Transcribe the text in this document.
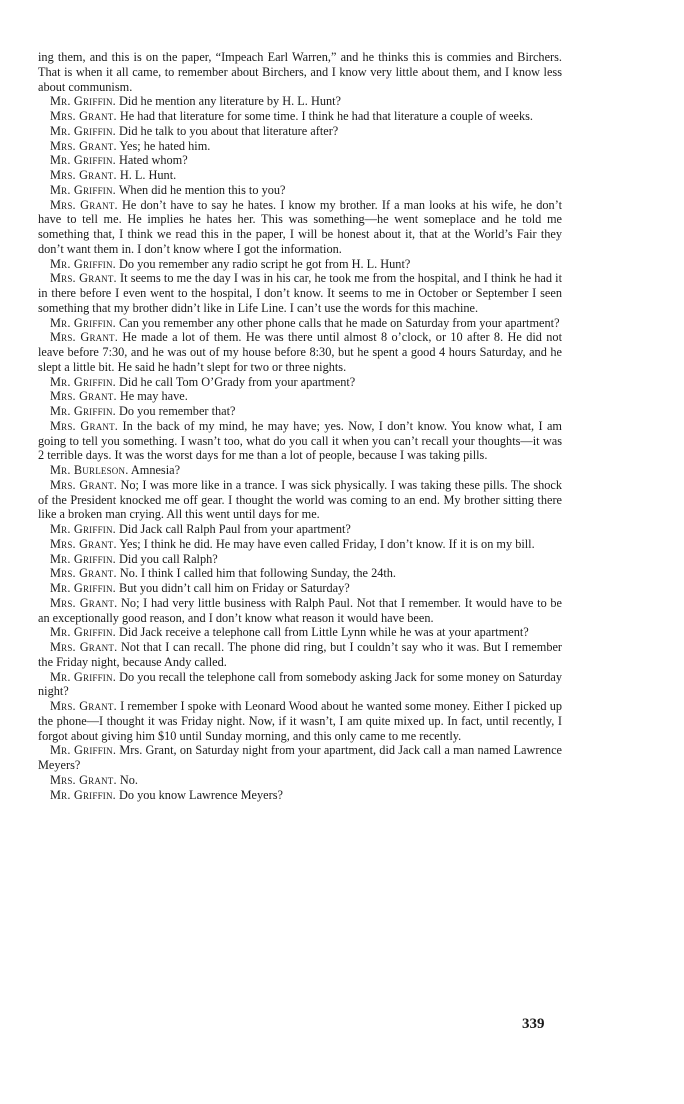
ing them, and this is on the paper, “Impeach Earl Warren,” and he thinks this is commies and Birchers. That is when it all came, to remember about Birchers, and I know very little about them, and I know less about communism.

Mr. Griffin. Did he mention any literature by H. L. Hunt?

Mrs. Grant. He had that literature for some time. I think he had that literature a couple of weeks.

Mr. Griffin. Did he talk to you about that literature after?

Mrs. Grant. Yes; he hated him.

Mr. Griffin. Hated whom?

Mrs. Grant. H. L. Hunt.

Mr. Griffin. When did he mention this to you?

Mrs. Grant. He don’t have to say he hates. I know my brother. If a man looks at his wife, he don’t have to tell me. He implies he hates her. This was something—he went someplace and he told me something that, I think we read this in the paper, I will be honest about it, that at the World’s Fair they don’t want them in. I don’t know where I got the information.

Mr. Griffin. Do you remember any radio script he got from H. L. Hunt?

Mrs. Grant. It seems to me the day I was in his car, he took me from the hospital, and I think he had it in there before I even went to the hospital, I don’t know. It seems to me in October or September I seen something that my brother didn’t like in Life Line. I can’t use the words for this machine.

Mr. Griffin. Can you remember any other phone calls that he made on Saturday from your apartment?

Mrs. Grant. He made a lot of them. He was there until almost 8 o’clock, or 10 after 8. He did not leave before 7:30, and he was out of my house before 8:30, but he spent a good 4 hours Saturday, and he slept a little bit. He said he hadn’t slept for two or three nights.

Mr. Griffin. Did he call Tom O’Grady from your apartment?

Mrs. Grant. He may have.

Mr. Griffin. Do you remember that?

Mrs. Grant. In the back of my mind, he may have; yes. Now, I don’t know. You know what, I am going to tell you something. I wasn’t too, what do you call it when you can’t recall your thoughts—it was 2 terrible days. It was the worst days for me than a lot of people, because I was taking pills.

Mr. Burleson. Amnesia?

Mrs. Grant. No; I was more like in a trance. I was sick physically. I was taking these pills. The shock of the President knocked me off gear. I thought the world was coming to an end. My brother sitting there like a broken man crying. All this went until days for me.

Mr. Griffin. Did Jack call Ralph Paul from your apartment?

Mrs. Grant. Yes; I think he did. He may have even called Friday, I don’t know. If it is on my bill.

Mr. Griffin. Did you call Ralph?

Mrs. Grant. No. I think I called him that following Sunday, the 24th.

Mr. Griffin. But you didn’t call him on Friday or Saturday?

Mrs. Grant. No; I had very little business with Ralph Paul. Not that I remember. It would have to be an exceptionally good reason, and I don’t know what reason it would have been.

Mr. Griffin. Did Jack receive a telephone call from Little Lynn while he was at your apartment?

Mrs. Grant. Not that I can recall. The phone did ring, but I couldn’t say who it was. But I remember the Friday night, because Andy called.

Mr. Griffin. Do you recall the telephone call from somebody asking Jack for some money on Saturday night?

Mrs. Grant. I remember I spoke with Leonard Wood about he wanted some money. Either I picked up the phone—I thought it was Friday night. Now, if it wasn’t, I am quite mixed up. In fact, until recently, I forgot about giving him $10 until Sunday morning, and this only came to me recently.

Mr. Griffin. Mrs. Grant, on Saturday night from your apartment, did Jack call a man named Lawrence Meyers?

Mrs. Grant. No.

Mr. Griffin. Do you know Lawrence Meyers?

339
